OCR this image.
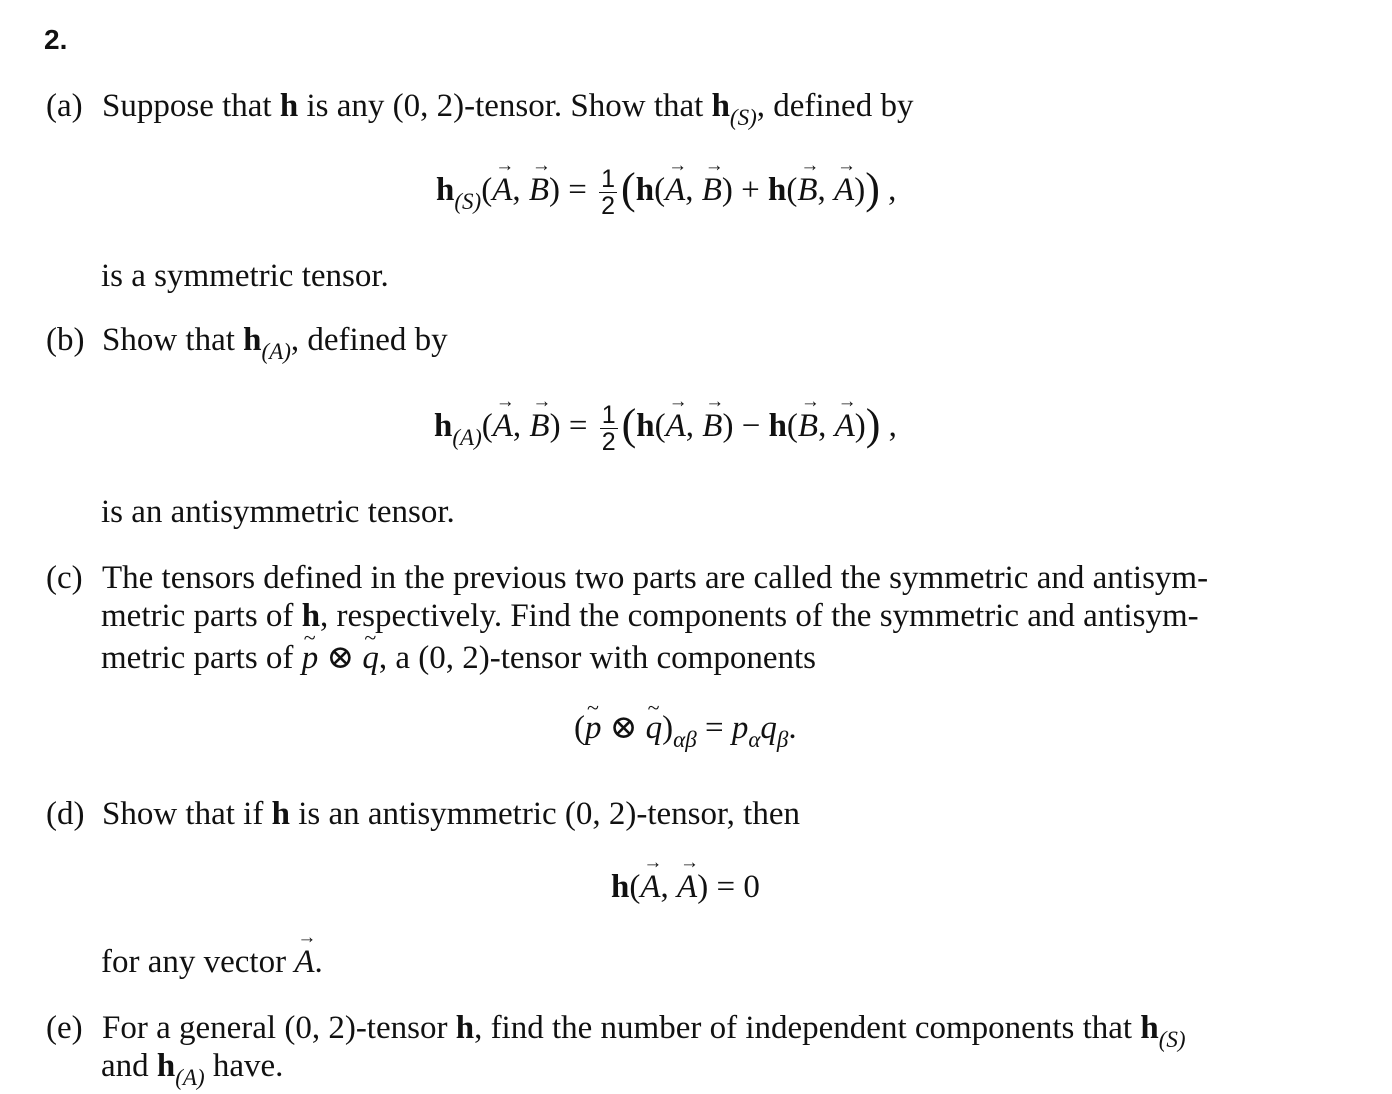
2.
(a) Suppose that h is any (0, 2)-tensor. Show that $h_{(S)}$, defined by
$h_{(S)}(A$ →, B →) = $\frac{1}{2} (h(A$ →, B →) + h(B →, A →)) ,
is a symmetric tensor.
(b) Show that $h_{(A)}$, defined by
$h_{(A)}(A$ →, B →) = $\frac{1}{2} (h(A$ →, B →) − h(B →, A →)) ,
is an antisymmetric tensor.
(c) The tensors defined in the previous two parts are called the symmetric and antisym-
metric parts of h, respectively. Find the components of the symmetric and antisym-
metric parts of p ~ ⊗ q ~, a (0, 2)-tensor with components
(p ~ ⊗ q $\sim)_{\alpha\beta} = p_\alpha q_\beta$.
(d) Show that if h is an antisymmetric (0, 2)-tensor, then
h(A →, A →) = 0
for any vector A →.
(e) For a general (0, 2)-tensor h, find the number of independent components that $h_{(S)}$
and $h_{(A)}$ have.
